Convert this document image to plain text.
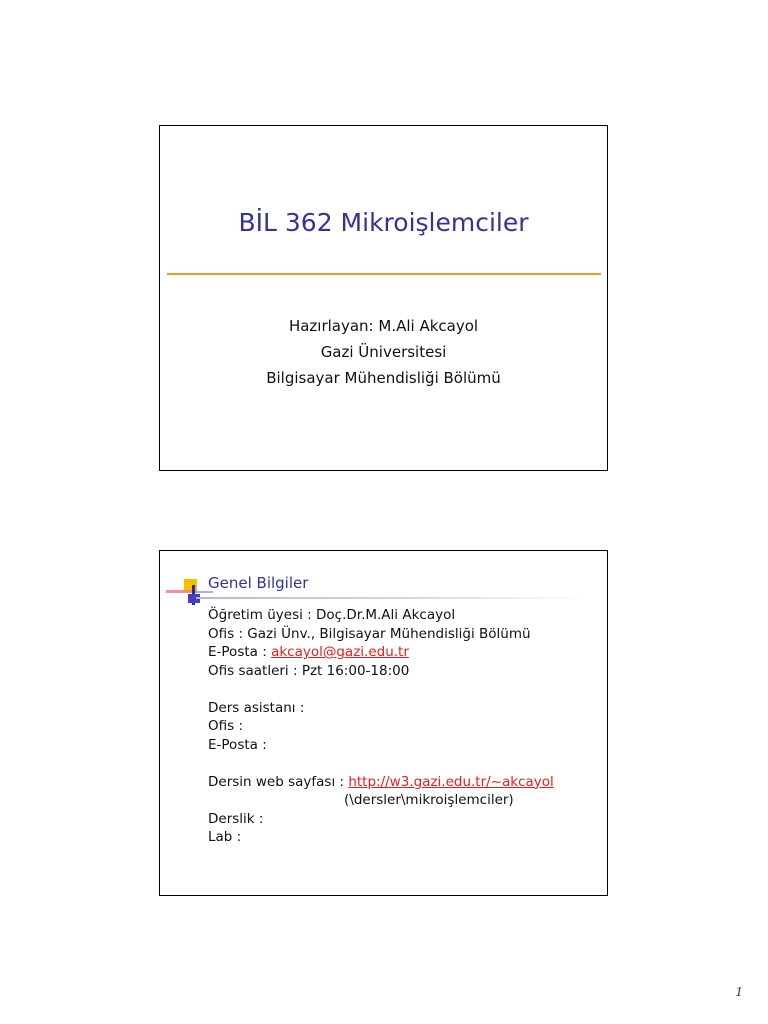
BİL 362 Mikroişlemciler
Hazırlayan: M.Ali Akcayol
Gazi Üniversitesi
Bilgisayar Mühendisliği Bölümü
Genel Bilgiler
Öğretim üyesi : Doç.Dr.M.Ali Akcayol
Ofis : Gazi Ünv., Bilgisayar Mühendisliği Bölümü
E-Posta : akcayol@gazi.edu.tr
Ofis saatleri : Pzt 16:00-18:00
Ders asistanı :
Ofis :
E-Posta :
Dersin web sayfası : http://w3.gazi.edu.tr/~akcayol
(\dersler\mikroişlemciler)
Derslik :
Lab :
1
